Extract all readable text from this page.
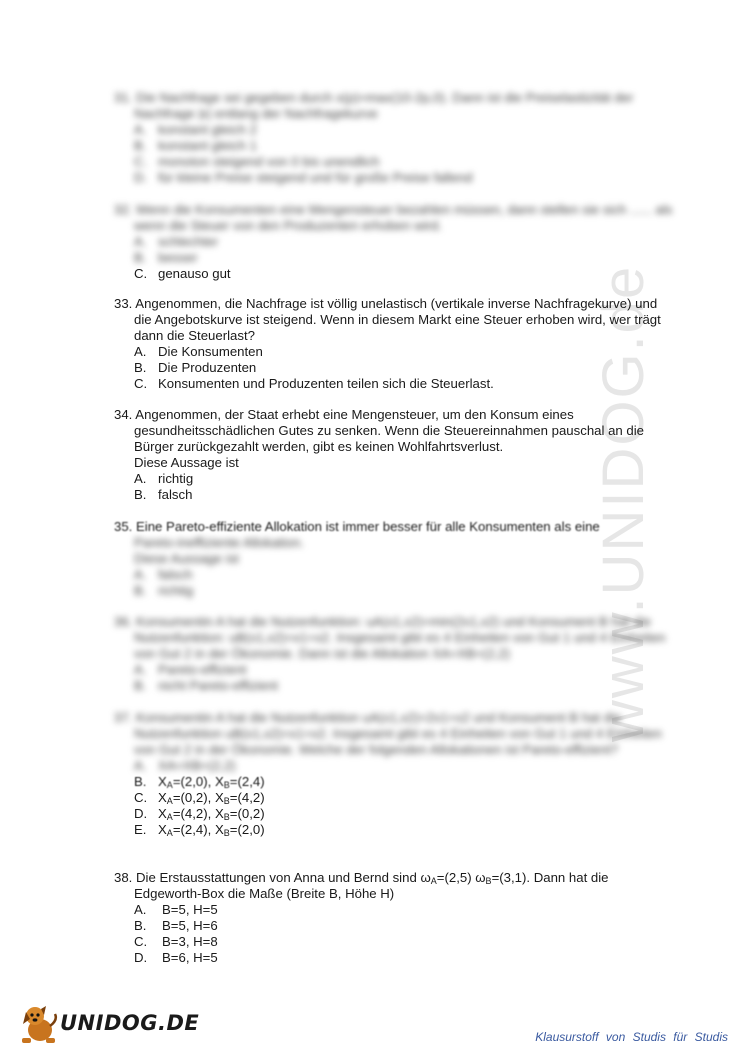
www.UNIDOG.de
31. Die Nachfrage sei gegeben durch x(p)=max(10-2p,0). Dann ist die Preiselastizität der Nachfrage |ε| entlang der Nachfragekurve
A. konstant gleich 2
B. konstant gleich 1
C. monoton steigend von 0 bis unendlich
D. für kleine Preise steigend und für große Preise fallend
32. Wenn die Konsumenten eine Mengensteuer bezahlen müssen, dann stellen sie sich ...... als wenn die Steuer von den Produzenten erhoben wird.
A. schlechter
B. besser
C. genauso gut
33. Angenommen, die Nachfrage ist völlig unelastisch (vertikale inverse Nachfragekurve) und die Angebotskurve ist steigend. Wenn in diesem Markt eine Steuer erhoben wird, wer trägt dann die Steuerlast?
A. Die Konsumenten
B. Die Produzenten
C. Konsumenten und Produzenten teilen sich die Steuerlast.
34. Angenommen, der Staat erhebt eine Mengensteuer, um den Konsum eines gesundheitsschädlichen Gutes zu senken. Wenn die Steuereinnahmen pauschal an die Bürger zurückgezahlt werden, gibt es keinen Wohlfahrtsverlust.
Diese Aussage ist
A. richtig
B. falsch
35. Eine Pareto-effiziente Allokation ist immer besser für alle Konsumenten als eine
Pareto-ineffiziente Allokation.
Diese Aussage ist
A. falsch
B. richtig
36. Konsumentin A hat die Nutzenfunktion: uA(x1,x2)=min(2x1,x2) und Konsument B hat die Nutzenfunktion: uB(x1,x2)=x1+x2. Insgesamt gibt es 4 Einheiten von Gut 1 und 4 Einheiten von Gut 2 in der Ökonomie. Dann ist die Allokation XA=XB=(2,2)
A. Pareto-effizient
B. nicht Pareto-effizient
37. Konsumentin A hat die Nutzenfunktion uA(x1,x2)=2x1+x2 und Konsument B hat die Nutzenfunktion uB(x1,x2)=x1+x2. Insgesamt gibt es 4 Einheiten von Gut 1 und 4 Einheiten von Gut 2 in der Ökonomie. Welche der folgenden Allokationen ist Pareto-effizient?
A. XA=XB=(2,2)
B. $X_A=(2,0)$, $X_B=(2,4)$
C. $X_A=(0,2)$, $X_B=(4,2)$
D. $X_A=(4,2)$, $X_B=(0,2)$
E. $X_A=(2,4)$, $X_B=(2,0)$
38. Die Erstausstattungen von Anna und Bernd sind $\omega_A=(2,5)$ $\omega_B=(3,1)$. Dann hat die Edgeworth-Box die Maße (Breite B, Höhe H)
A.	B=5, H=5
B.	B=5, H=6
C.	B=3, H=8
D.	B=6, H=5
UNIDOG.DE
Klausurstoff von Studis für Studis
